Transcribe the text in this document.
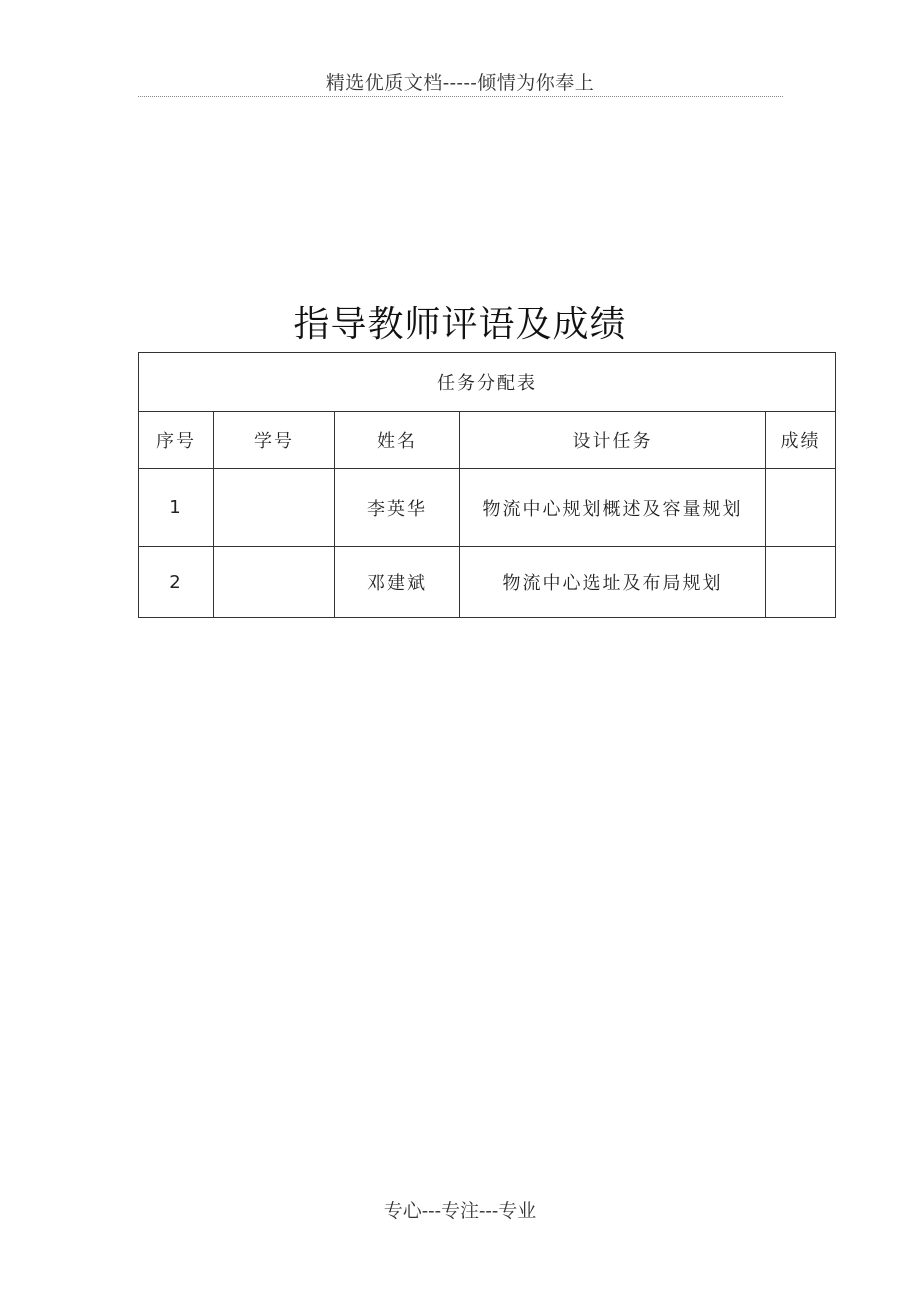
精选优质文档-----倾情为你奉上
指导教师评语及成绩
任务分配表				
序号	学号	姓名	设计任务	成绩
1		李英华	物流中心规划概述及容量规划	
2		邓建斌	物流中心选址及布局规划	
专心---专注---专业
